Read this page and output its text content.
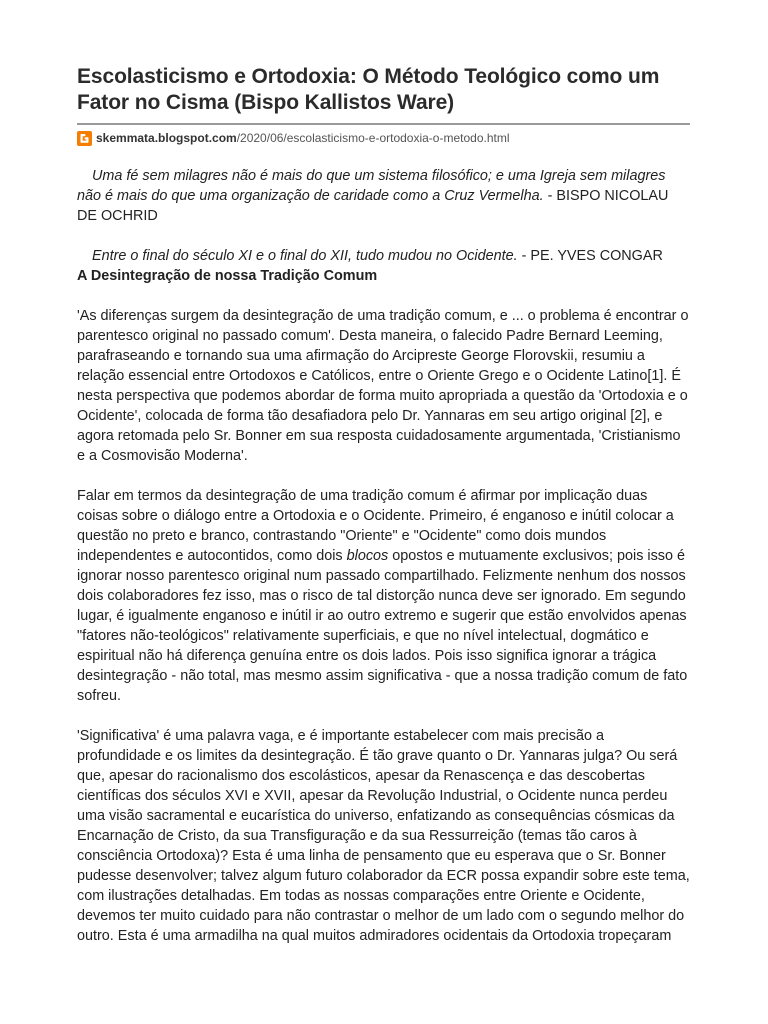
Escolasticismo e Ortodoxia: O Método Teológico como um Fator no Cisma (Bispo Kallistos Ware)
skemmata.blogspot.com /2020/06/escolasticismo-e-ortodoxia-o-metodo.html

Uma fé sem milagres não é mais do que um sistema filosófico; e uma Igreja sem milagres não é mais do que uma organização de caridade como a Cruz Vermelha. - BISPO NICOLAU DE OCHRID

Entre o final do século XI e o final do XII, tudo mudou no Ocidente. - PE. YVES CONGAR

A Desintegração de nossa Tradição Comum

'As diferenças surgem da desintegração de uma tradição comum, e ... o problema é encontrar o parentesco original no passado comum'. Desta maneira, o falecido Padre Bernard Leeming, parafraseando e tornando sua uma afirmação do Arcipreste George Florovskii, resumiu a relação essencial entre Ortodoxos e Católicos, entre o Oriente Grego e o Ocidente Latino[1]. É nesta perspectiva que podemos abordar de forma muito apropriada a questão da 'Ortodoxia e o Ocidente', colocada de forma tão desafiadora pelo Dr. Yannaras em seu artigo original [2], e agora retomada pelo Sr. Bonner em sua resposta cuidadosamente argumentada, 'Cristianismo e a Cosmovisão Moderna'.

Falar em termos da desintegração de uma tradição comum é afirmar por implicação duas coisas sobre o diálogo entre a Ortodoxia e o Ocidente. Primeiro, é enganoso e inútil colocar a questão no preto e branco, contrastando "Oriente" e "Ocidente" como dois mundos independentes e autocontidos, como dois blocos opostos e mutuamente exclusivos; pois isso é ignorar nosso parentesco original num passado compartilhado. Felizmente nenhum dos nossos dois colaboradores fez isso, mas o risco de tal distorção nunca deve ser ignorado. Em segundo lugar, é igualmente enganoso e inútil ir ao outro extremo e sugerir que estão envolvidos apenas "fatores não-teológicos" relativamente superficiais, e que no nível intelectual, dogmático e espiritual não há diferença genuína entre os dois lados. Pois isso significa ignorar a trágica desintegração - não total, mas mesmo assim significativa - que a nossa tradição comum de fato sofreu.

'Significativa' é uma palavra vaga, e é importante estabelecer com mais precisão a profundidade e os limites da desintegração. É tão grave quanto o Dr. Yannaras julga? Ou será que, apesar do racionalismo dos escolásticos, apesar da Renascença e das descobertas científicas dos séculos XVI e XVII, apesar da Revolução Industrial, o Ocidente nunca perdeu uma visão sacramental e eucarística do universo, enfatizando as consequências cósmicas da Encarnação de Cristo, da sua Transfiguração e da sua Ressurreição (temas tão caros à consciência Ortodoxa)? Esta é uma linha de pensamento que eu esperava que o Sr. Bonner pudesse desenvolver; talvez algum futuro colaborador da ECR possa expandir sobre este tema, com ilustrações detalhadas. Em todas as nossas comparações entre Oriente e Ocidente, devemos ter muito cuidado para não contrastar o melhor de um lado com o segundo melhor do outro. Esta é uma armadilha na qual muitos admiradores ocidentais da Ortodoxia tropeçaram
